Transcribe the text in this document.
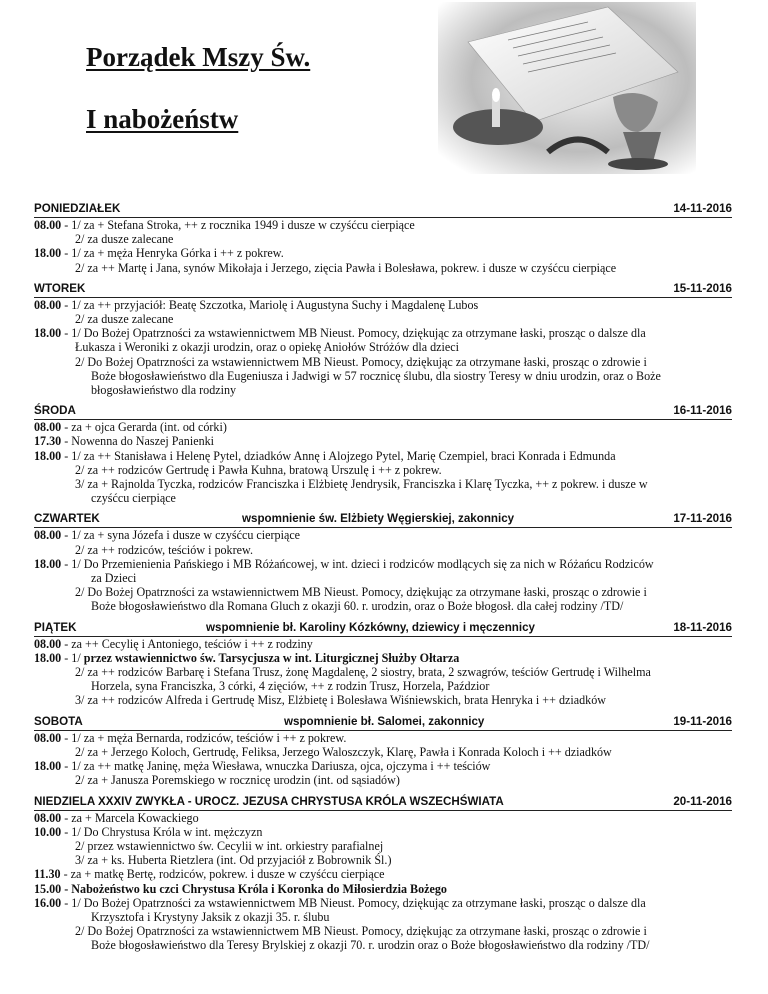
Porządek Mszy Św.
I nabożeństw
PONIEDZIAŁEK	14-11-2016
08.00 - 1/ za + Stefana Stroka, ++ z rocznika 1949 i dusze w czyśćcu cierpiące
2/ za dusze zalecane
18.00 - 1/ za + męża Henryka Górka i ++ z pokrew.
2/ za ++ Martę i Jana, synów Mikołaja i Jerzego, zięcia Pawła i Bolesława, pokrew. i dusze w czyśćcu cierpiące
WTOREK	15-11-2016
08.00 - 1/ za ++ przyjaciół: Beatę Szczotka, Mariolę i Augustyna Suchy i Magdalenę Lubos
2/ za dusze zalecane
18.00 - 1/ Do Bożej Opatrzności za wstawiennictwem MB Nieust. Pomocy, dziękując za otrzymane łaski, prosząc o dalsze dla
Łukasza i Weroniki z okazji urodzin, oraz o opiekę Aniołów Stróżów dla dzieci
2/ Do Bożej Opatrzności za wstawiennictwem MB Nieust. Pomocy, dziękując za otrzymane łaski, prosząc o zdrowie i
Boże błogosławieństwo dla Eugeniusza i Jadwigi w 57 rocznicę ślubu, dla siostry Teresy w dniu urodzin, oraz o Boże
błogosławieństwo dla rodziny
ŚRODA	16-11-2016
08.00 - za + ojca Gerarda (int. od córki)
17.30 - Nowenna do Naszej Panienki
18.00 - 1/ za ++ Stanisława i Helenę Pytel, dziadków Annę i Alojzego Pytel, Marię Czempiel, braci Konrada i Edmunda
2/ za ++ rodziców Gertrudę i Pawła Kuhna, bratową Urszulę i ++ z pokrew.
3/ za + Rajnolda Tyczka, rodziców Franciszka i Elżbietę Jendrysik, Franciszka i Klarę Tyczka, ++ z pokrew. i dusze w
czyśćcu cierpiące
CZWARTEK	wspomnienie św. Elżbiety Węgierskiej, zakonnicy	17-11-2016
08.00 - 1/ za + syna Józefa i dusze w czyśćcu cierpiące
2/ za ++ rodziców, teściów i pokrew.
18.00 - 1/ Do Przemienienia Pańskiego i MB Różańcowej, w int. dzieci i rodziców modlących się za nich w Różańcu Rodziców
za Dzieci
2/ Do Bożej Opatrzności za wstawiennictwem MB Nieust. Pomocy, dziękując za otrzymane łaski, prosząc o zdrowie i
Boże błogosławieństwo dla Romana Gluch z okazji 60. r. urodzin, oraz o Boże błogosł. dla całej rodziny /TD/
PIĄTEK	wspomnienie bł. Karoliny Kózkówny, dziewicy i męczennicy	18-11-2016
08.00 - za ++ Cecylię i Antoniego, teściów i ++ z rodziny
18.00 - 1/ przez wstawiennictwo św. Tarsycjusza w int. Liturgicznej Służby Ołtarza
2/ za ++ rodziców Barbarę i Stefana Trusz, żonę Magdalenę, 2 siostry, brata, 2 szwagrów, teściów Gertrudę i Wilhelma
Horzela, syna Franciszka, 3 córki, 4 zięciów, ++ z rodzin Trusz, Horzela, Paździor
3/ za ++ rodziców Alfreda i Gertrudę Misz, Elżbietę i Bolesława Wiśniewskich, brata Henryka i ++ dziadków
SOBOTA	wspomnienie bł. Salomei, zakonnicy	19-11-2016
08.00 - 1/ za + męża Bernarda, rodziców, teściów i ++ z pokrew.
2/ za + Jerzego Koloch, Gertrudę, Feliksa, Jerzego Waloszczyk, Klarę, Pawła i Konrada Koloch i ++ dziadków
18.00 - 1/ za ++ matkę Janinę, męża Wiesława, wnuczka Dariusza, ojca, ojczyma i ++ teściów
2/ za + Janusza Poremskiego w rocznicę urodzin (int. od sąsiadów)
NIEDZIELA XXXIV ZWYKŁA - UROCZ. JEZUSA CHRYSTUSA KRÓLA WSZECHŚWIATA	20-11-2016
08.00 - za + Marcela Kowackiego
10.00 - 1/ Do Chrystusa Króla w int. mężczyzn
2/ przez wstawiennictwo św. Cecylii w int. orkiestry parafialnej
3/ za + ks. Huberta Rietzlera (int. Od przyjaciół z Bobrownik Śl.)
11.30 - za + matkę Bertę, rodziców, pokrew. i dusze w czyśćcu cierpiące
15.00 - Nabożeństwo ku czci Chrystusa Króla i Koronka do Miłosierdzia Bożego
16.00 - 1/ Do Bożej Opatrzności za wstawiennictwem MB Nieust. Pomocy, dziękując za otrzymane łaski, prosząc o dalsze dla
Krzysztofa i Krystyny Jaksik z okazji 35. r. ślubu
2/ Do Bożej Opatrzności za wstawiennictwem MB Nieust. Pomocy, dziękując za otrzymane łaski, prosząc o zdrowie i
Boże błogosławieństwo dla Teresy Brylskiej z okazji 70. r. urodzin oraz o Boże błogosławieństwo dla rodziny /TD/
